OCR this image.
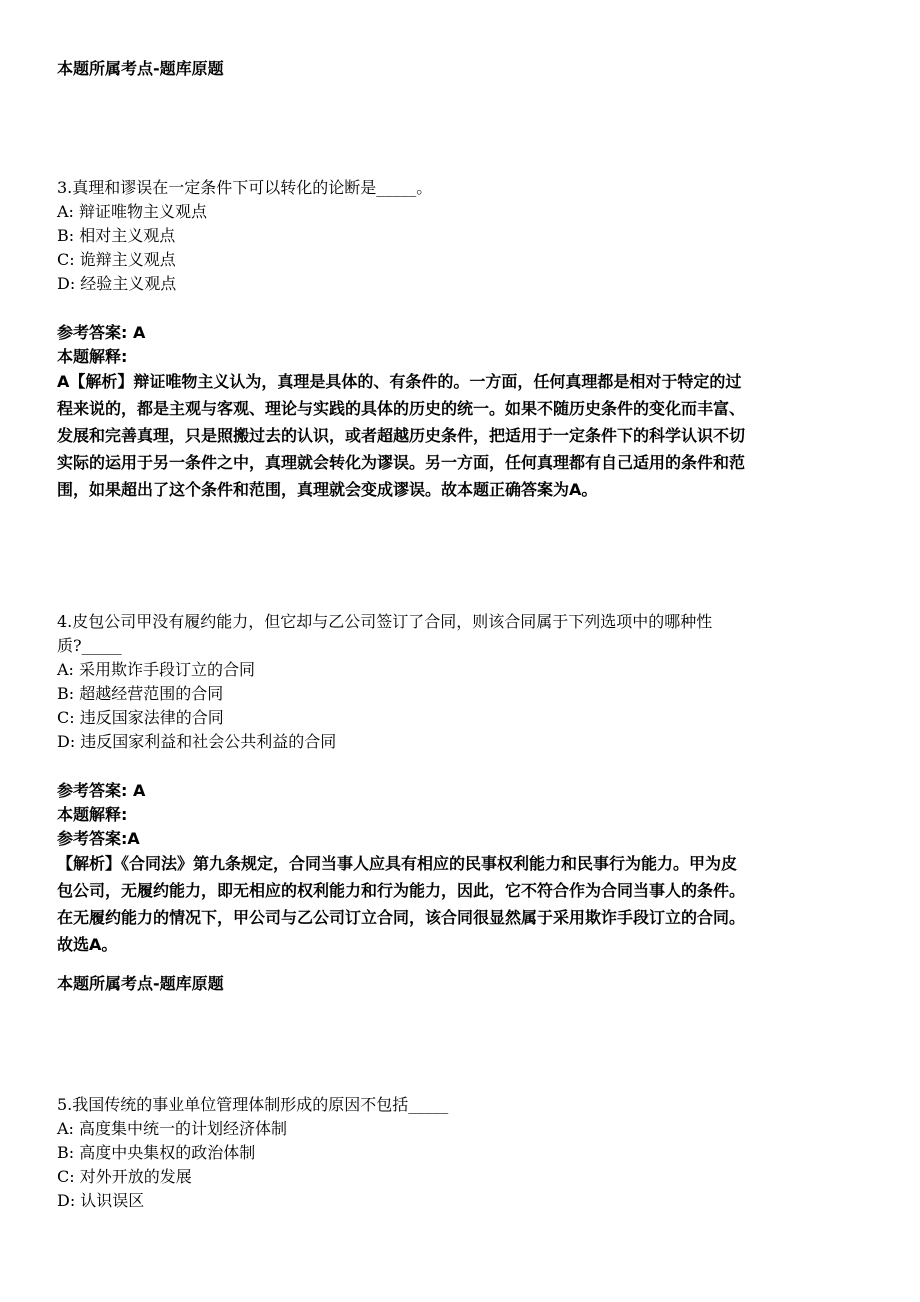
本题所属考点-题库原题

3.真理和谬误在一定条件下可以转化的论断是_____。

A: 辩证唯物主义观点

B: 相对主义观点

C: 诡辩主义观点

D: 经验主义观点

参考答案: A

本题解释:

A【解析】辩证唯物主义认为，真理是具体的、有条件的。一方面，任何真理都是相对于特定的过
程来说的，都是主观与客观、理论与实践的具体的历史的统一。如果不随历史条件的变化而丰富、
发展和完善真理，只是照搬过去的认识，或者超越历史条件，把适用于一定条件下的科学认识不切
实际的运用于另一条件之中，真理就会转化为谬误。另一方面，任何真理都有自己适用的条件和范
围，如果超出了这个条件和范围，真理就会变成谬误。故本题正确答案为A。

4.皮包公司甲没有履约能力，但它却与乙公司签订了合同，则该合同属于下列选项中的哪种性

质?_____

A: 采用欺诈手段订立的合同

B: 超越经营范围的合同

C: 违反国家法律的合同

D: 违反国家利益和社会公共利益的合同

参考答案: A

本题解释:

参考答案:A

【解析】《合同法》第九条规定，合同当事人应具有相应的民事权利能力和民事行为能力。甲为皮
包公司，无履约能力，即无相应的权利能力和行为能力，因此，它不符合作为合同当事人的条件。
在无履约能力的情况下，甲公司与乙公司订立合同，该合同很显然属于采用欺诈手段订立的合同。
故选A。

本题所属考点-题库原题

5.我国传统的事业单位管理体制形成的原因不包括_____

A: 高度集中统一的计划经济体制

B: 高度中央集权的政治体制

C: 对外开放的发展

D: 认识误区
